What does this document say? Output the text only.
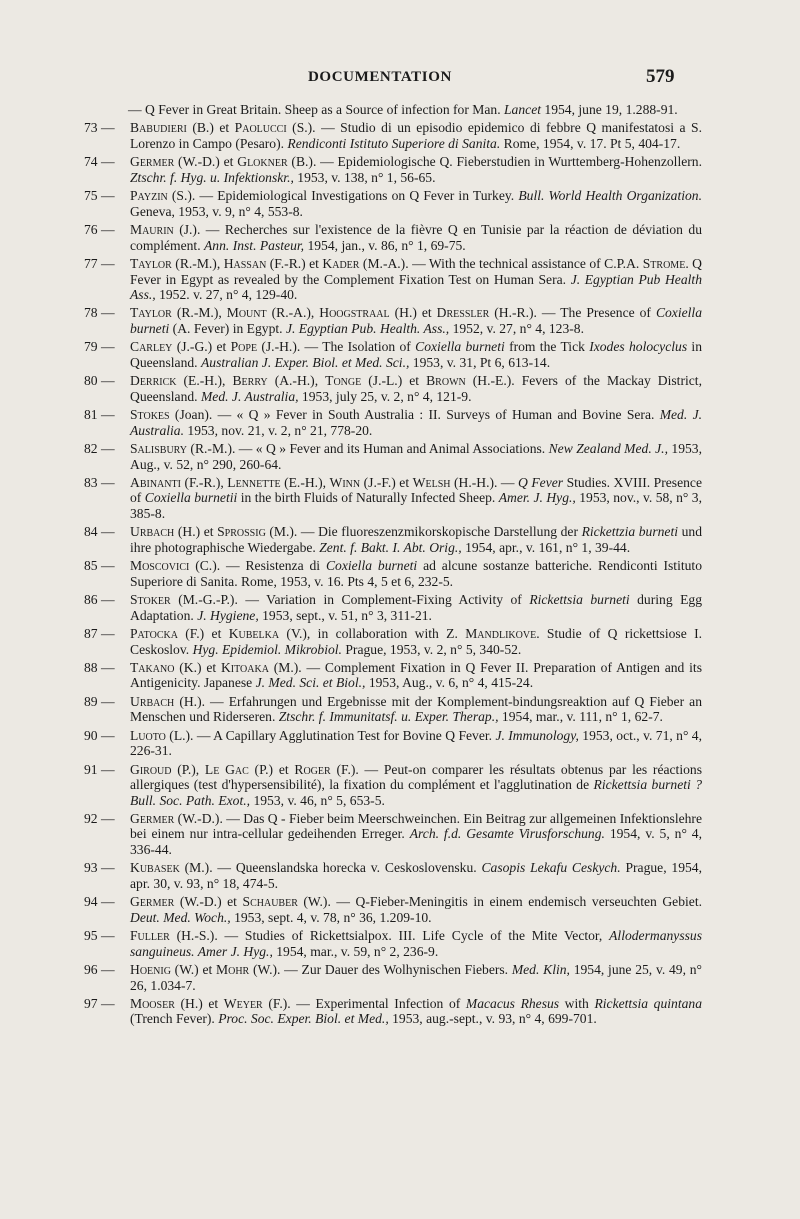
DOCUMENTATION	579
— Q Fever in Great Britain. Sheep as a Source of infection for Man. Lancet 1954, june 19, 1.288-91.
73 —	Babudieri (B.) et Paolucci (S.). — Studio di un episodio epidemico di febbre Q manifestatosi a S. Lorenzo in Campo (Pesaro). Rendiconti Istituto Superiore di Sanita. Rome, 1954, v. 17. Pt 5, 404-17.
74 —	Germer (W.-D.) et Glokner (B.). — Epidemiologische Q. Fieberstudien in Wurttemberg-Hohenzollern. Ztschr. f. Hyg. u. Infektionskr., 1953, v. 138, n° 1, 56-65.
75 —	Payzin (S.). — Epidemiological Investigations on Q Fever in Turkey. Bull. World Health Organization. Geneva, 1953, v. 9, n° 4, 553-8.
76 —	Maurin (J.). — Recherches sur l'existence de la fièvre Q en Tunisie par la réaction de déviation du complément. Ann. Inst. Pasteur, 1954, jan., v. 86, n° 1, 69-75.
77 —	Taylor (R.-M.), Hassan (F.-R.) et Kader (M.-A.). — With the technical assistance of C.P.A. Strome. Q Fever in Egypt as revealed by the Complement Fixation Test on Human Sera. J. Egyptian Pub Health Ass., 1952. v. 27, n° 4, 129-40.
78 —	Taylor (R.-M.), Mount (R.-A.), Hoogstraal (H.) et Dressler (H.-R.). — The Presence of Coxiella burneti (A. Fever) in Egypt. J. Egyptian Pub. Health. Ass., 1952, v. 27, n° 4, 123-8.
79 —	Carley (J.-G.) et Pope (J.-H.). — The Isolation of Coxiella burneti from the Tick Ixodes holocyclus in Queensland. Australian J. Exper. Biol. et Med. Sci., 1953, v. 31, Pt 6, 613-14.
80 —	Derrick (E.-H.), Berry (A.-H.), Tonge (J.-L.) et Brown (H.-E.). Fevers of the Mackay District, Queensland. Med. J. Australia, 1953, july 25, v. 2, n° 4, 121-9.
81 —	Stokes (Joan). — « Q » Fever in South Australia : II. Surveys of Human and Bovine Sera. Med. J. Australia. 1953, nov. 21, v. 2, n° 21, 778-20.
82 —	Salisbury (R.-M.). — « Q » Fever and its Human and Animal Associations. New Zealand Med. J., 1953, Aug., v. 52, n° 290, 260-64.
83 —	Abinanti (F.-R.), Lennette (E.-H.), Winn (J.-F.) et Welsh (H.-H.). — Q Fever Studies. XVIII. Presence of Coxiella burnetii in the birth Fluids of Naturally Infected Sheep. Amer. J. Hyg., 1953, nov., v. 58, n° 3, 385-8.
84 —	Urbach (H.) et Sprossig (M.). — Die fluoreszenzmikorskopische Darstellung der Rickettzia burneti und ihre photographische Wiedergabe. Zent. f. Bakt. I. Abt. Orig., 1954, apr., v. 161, n° 1, 39-44.
85 —	Moscovici (C.). — Resistenza di Coxiella burneti ad alcune sostanze batteriche. Rendiconti Istituto Superiore di Sanita. Rome, 1953, v. 16. Pts 4, 5 et 6, 232-5.
86 —	Stoker (M.-G.-P.). — Variation in Complement-Fixing Activity of Rickettsia burneti during Egg Adaptation. J. Hygiene, 1953, sept., v. 51, n° 3, 311-21.
87 —	Patocka (F.) et Kubelka (V.), in collaboration with Z. Mandlikove. Studie of Q rickettsiose I. Ceskoslov. Hyg. Epidemiol. Mikrobiol. Prague, 1953, v. 2, n° 5, 340-52.
88 —	Takano (K.) et Kitoaka (M.). — Complement Fixation in Q Fever II. Preparation of Antigen and its Antigenicity. Japanese J. Med. Sci. et Biol., 1953, Aug., v. 6, n° 4, 415-24.
89 —	Urbach (H.). — Erfahrungen und Ergebnisse mit der Komplement-bindungsreaktion auf Q Fieber an Menschen und Riderseren. Ztschr. f. Immunitatsf. u. Exper. Therap., 1954, mar., v. 111, n° 1, 62-7.
90 —	Luoto (L.). — A Capillary Agglutination Test for Bovine Q Fever. J. Immunology, 1953, oct., v. 71, n° 4, 226-31.
91 —	Giroud (P.), Le Gac (P.) et Roger (F.). — Peut-on comparer les résultats obtenus par les réactions allergiques (test d'hypersensibilité), la fixation du complément et l'agglutination de Rickettsia burneti ? Bull. Soc. Path. Exot., 1953, v. 46, n° 5, 653-5.
92 —	Germer (W.-D.). — Das Q - Fieber beim Meerschweinchen. Ein Beitrag zur allgemeinen Infektionslehre bei einem nur intra-cellular gedeihenden Erreger. Arch. f.d. Gesamte Virusforschung. 1954, v. 5, n° 4, 336-44.
93 —	Kubasek (M.). — Queenslandska horecka v. Ceskoslovensku. Casopis Lekafu Ceskych. Prague, 1954, apr. 30, v. 93, n° 18, 474-5.
94 —	Germer (W.-D.) et Schauber (W.). — Q-Fieber-Meningitis in einem endemisch verseuchten Gebiet. Deut. Med. Woch., 1953, sept. 4, v. 78, n° 36, 1.209-10.
95 —	Fuller (H.-S.). — Studies of Rickettsialpox. III. Life Cycle of the Mite Vector, Allodermanyssus sanguineus. Amer J. Hyg., 1954, mar., v. 59, n° 2, 236-9.
96 —	Hoenig (W.) et Mohr (W.). — Zur Dauer des Wolhynischen Fiebers. Med. Klin, 1954, june 25, v. 49, n° 26, 1.034-7.
97 —	Mooser (H.) et Weyer (F.). — Experimental Infection of Macacus Rhesus with Rickettsia quintana (Trench Fever). Proc. Soc. Exper. Biol. et Med., 1953, aug.-sept., v. 93, n° 4, 699-701.
